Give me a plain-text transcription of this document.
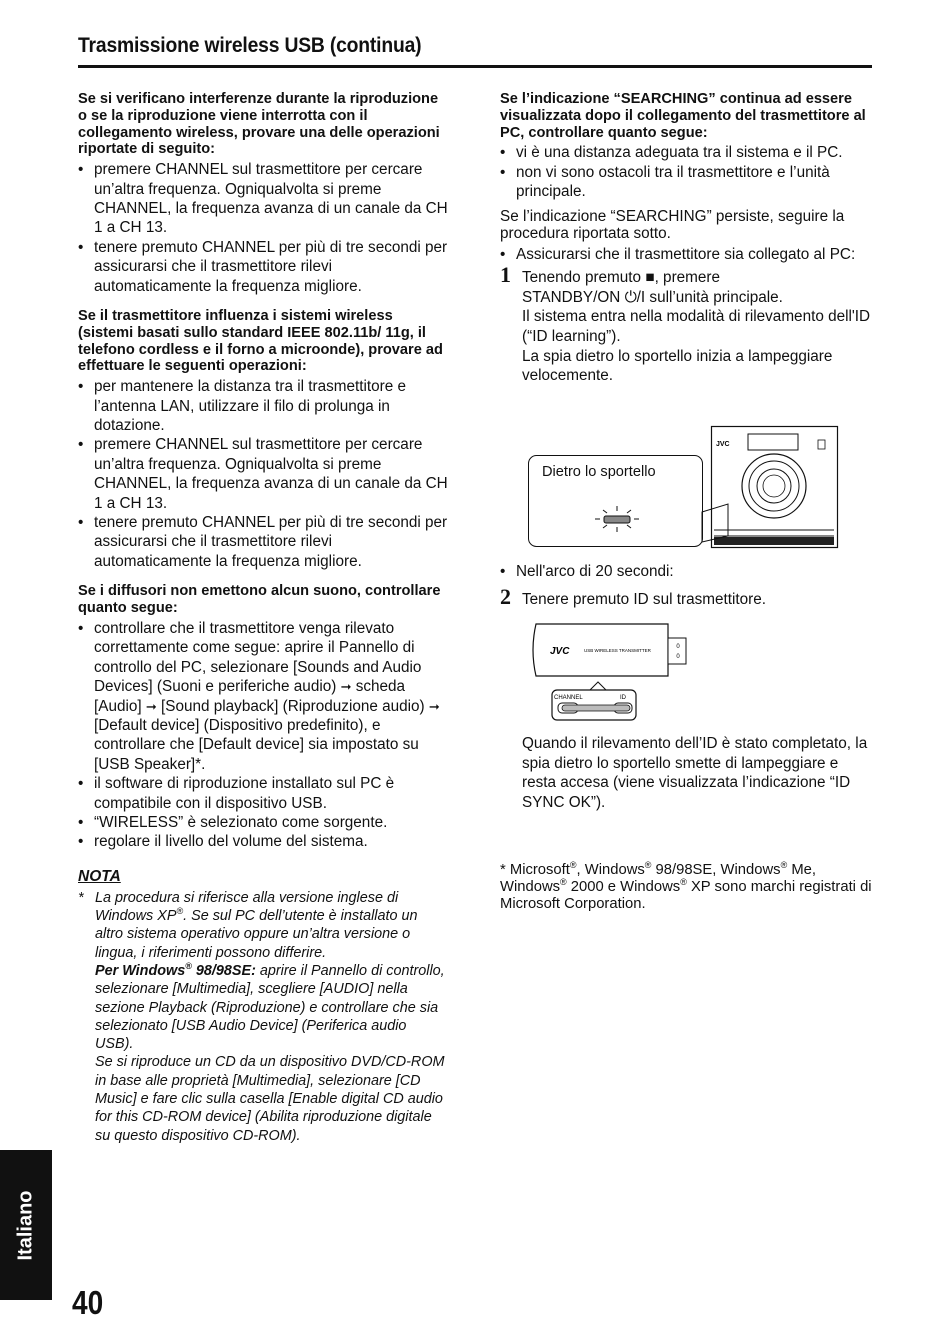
Trasmissione wireless USB (continua)

Se si verificano interferenze durante la riproduzione o se la riproduzione viene interrotta con il collegamento wireless, provare una delle operazioni riportate di seguito:

• premere CHANNEL sul trasmettitore per cercare un’altra frequenza. Ogniqualvolta si preme CHANNEL, la frequenza avanza di un canale da CH 1 a CH 13.
• tenere premuto CHANNEL per più di tre secondi per assicurarsi che il trasmettitore rilevi automaticamente la frequenza migliore.

Se il trasmettitore influenza i sistemi wireless (sistemi basati sullo standard IEEE 802.11b/ 11g, il telefono cordless e il forno a microonde), provare ad effettuare le seguenti operazioni:

• per mantenere la distanza tra il trasmettitore e l’antenna LAN, utilizzare il filo di prolunga in dotazione.
• premere CHANNEL sul trasmettitore per cercare un’altra frequenza. Ogniqualvolta si preme CHANNEL, la frequenza avanza di un canale da CH 1 a CH 13.
• tenere premuto CHANNEL per più di tre secondi per assicurarsi che il trasmettitore rilevi automaticamente la frequenza migliore.

Se i diffusori non emettono alcun suono, controllare quanto segue:

• controllare che il trasmettitore venga rilevato correttamente come segue: aprire il Pannello di controllo del PC, selezionare [Sounds and Audio Devices] (Suoni e periferiche audio) ➞ scheda [Audio] ➞ [Sound playback] (Riproduzione audio) ➞ [Default device] (Dispositivo predefinito), e controllare che [Default device] sia impostato su [USB Speaker]*.
• il software di riproduzione installato sul PC è compatibile con il dispositivo USB.
• “WIRELESS” è selezionato come sorgente.
• regolare il livello del volume del sistema.
NOTA
* La procedura si riferisce alla versione inglese di Windows XP®. Se sul PC dell’utente è installato un altro sistema operativo oppure un’altra versione o lingua, i riferimenti possono differire.
Per Windows® 98/98SE: aprire il Pannello di controllo, selezionare [Multimedia], scegliere [AUDIO] nella sezione Playback (Riproduzione) e controllare che sia selezionato [USB Audio Device] (Periferica audio USB).
Se si riproduce un CD da un dispositivo DVD/CD-ROM in base alle proprietà [Multimedia], selezionare [CD Music] e fare clic sulla casella [Enable digital CD audio for this CD-ROM device] (Abilita riproduzione digitale su questo dispositivo CD-ROM).

Se l’indicazione “SEARCHING” continua ad essere visualizzata dopo il collegamento del trasmettitore al PC, controllare quanto segue:

• vi è una distanza adeguata tra il sistema e il PC.
• non vi sono ostacoli tra il trasmettitore e l’unità principale.

Se l’indicazione “SEARCHING” persiste, seguire la procedura riportata sotto.

• Assicurarsi che il trasmettitore sia collegato al PC:
1 Tenendo premuto ■, premere
STANDBY/ON ⏻/I sull’unità principale.
Il sistema entra nella modalità di rilevamento dell'ID (“ID learning”).
La spia dietro lo sportello inizia a lampeggiare velocemente.
JVC
Dietro lo sportello
• Nell'arco di 20 secondi:
2 Tenere premuto ID sul trasmettitore.
0
0
JVC	USB WIRELESS TRANSMITTER
CHANNEL	ID
Quando il rilevamento dell’ID è stato completato, la spia dietro lo sportello smette di lampeggiare e resta accesa (viene visualizzata l’indicazione “ID SYNC OK”).
* Microsoft®, Windows® 98/98SE, Windows® Me, Windows® 2000 e Windows® XP sono marchi registrati di Microsoft Corporation.
Italiano
40
